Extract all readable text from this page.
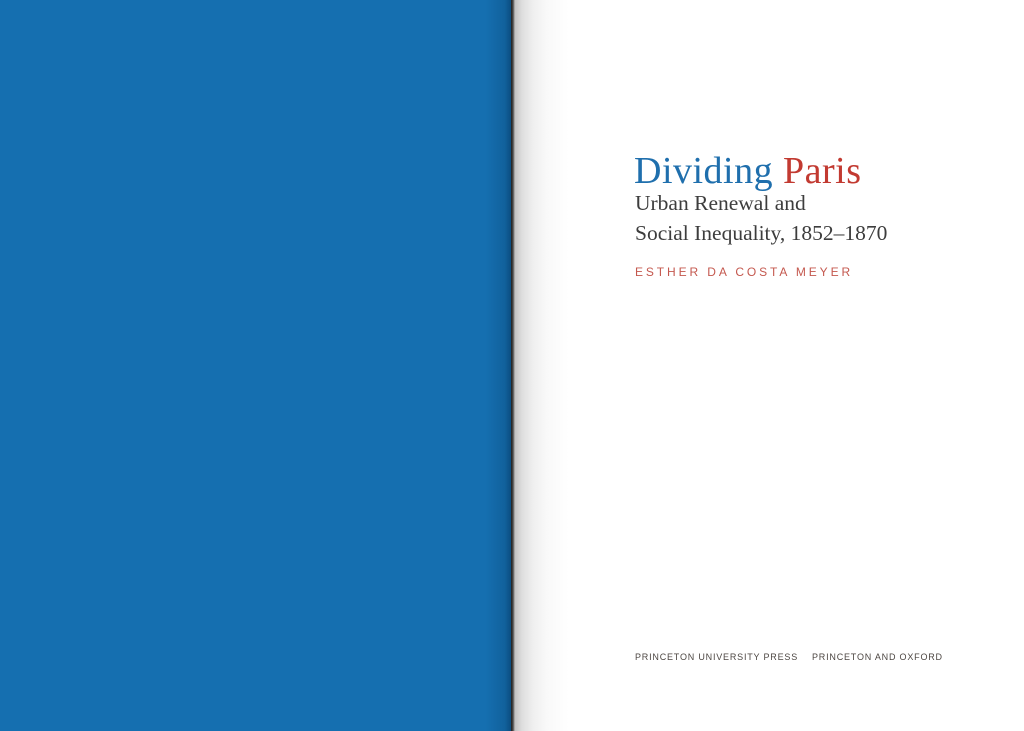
Dividing Paris
Urban Renewal and
Social Inequality, 1852–1870
ESTHER DA COSTA MEYER
PRINCETON UNIVERSITY PRESS PRINCETON AND OXFORD
